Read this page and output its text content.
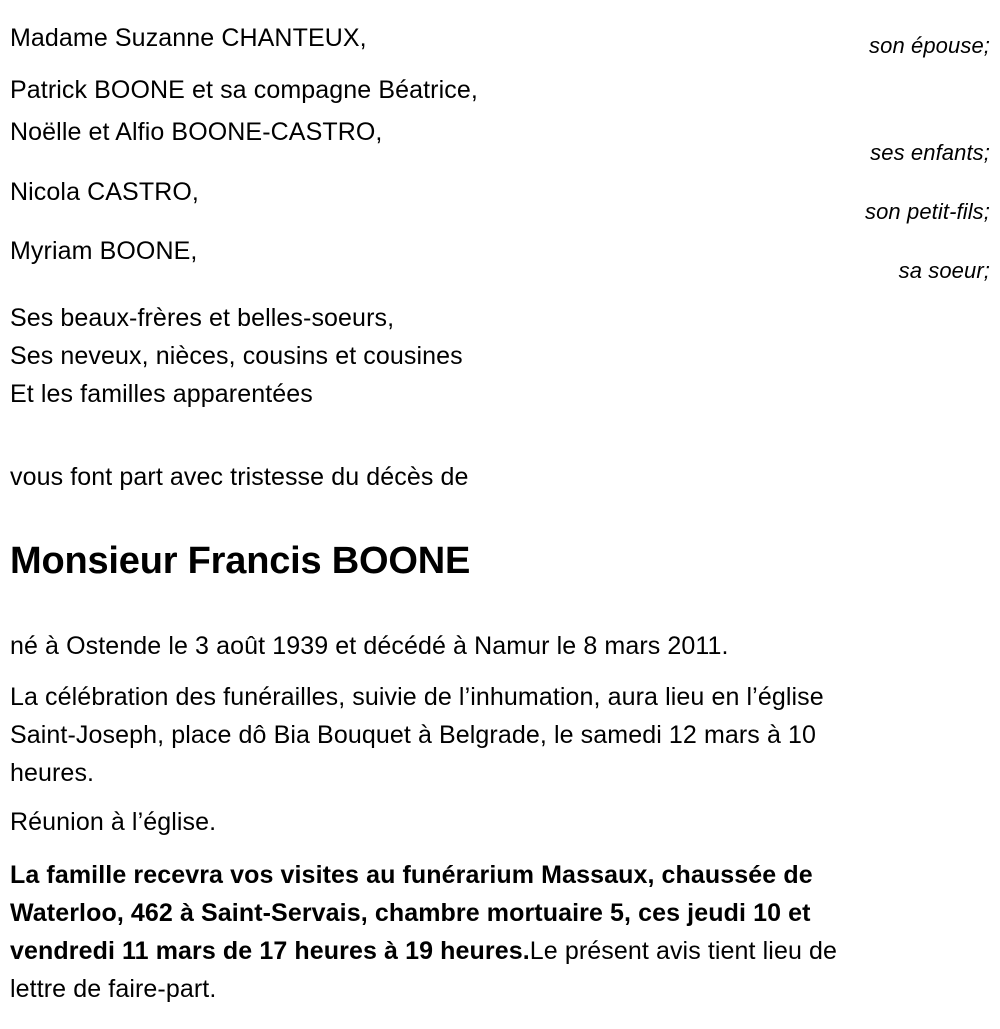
Madame Suzanne CHANTEUX,	son épouse;
Patrick BOONE et sa compagne Béatrice,
Noëlle et Alfio BOONE-CASTRO,
ses enfants;
Nicola CASTRO,
son petit-fils;
Myriam BOONE,
sa soeur;
Ses beaux-frères et belles-soeurs,
Ses neveux, nièces, cousins et cousines
Et les familles apparentées
vous font part avec tristesse du décès de
Monsieur Francis BOONE
né à Ostende le 3 août 1939 et décédé à Namur le 8 mars 2011.
La célébration des funérailles, suivie de l’inhumation, aura lieu en l’église Saint-Joseph, place dô Bia Bouquet à Belgrade, le samedi 12 mars à 10 heures.
Réunion à l’église.
La famille recevra vos visites au funérarium Massaux, chaussée de Waterloo, 462 à Saint-Servais, chambre mortuaire 5, ces jeudi 10 et vendredi 11 mars de 17 heures à 19 heures.Le présent avis tient lieu de lettre de faire-part.
